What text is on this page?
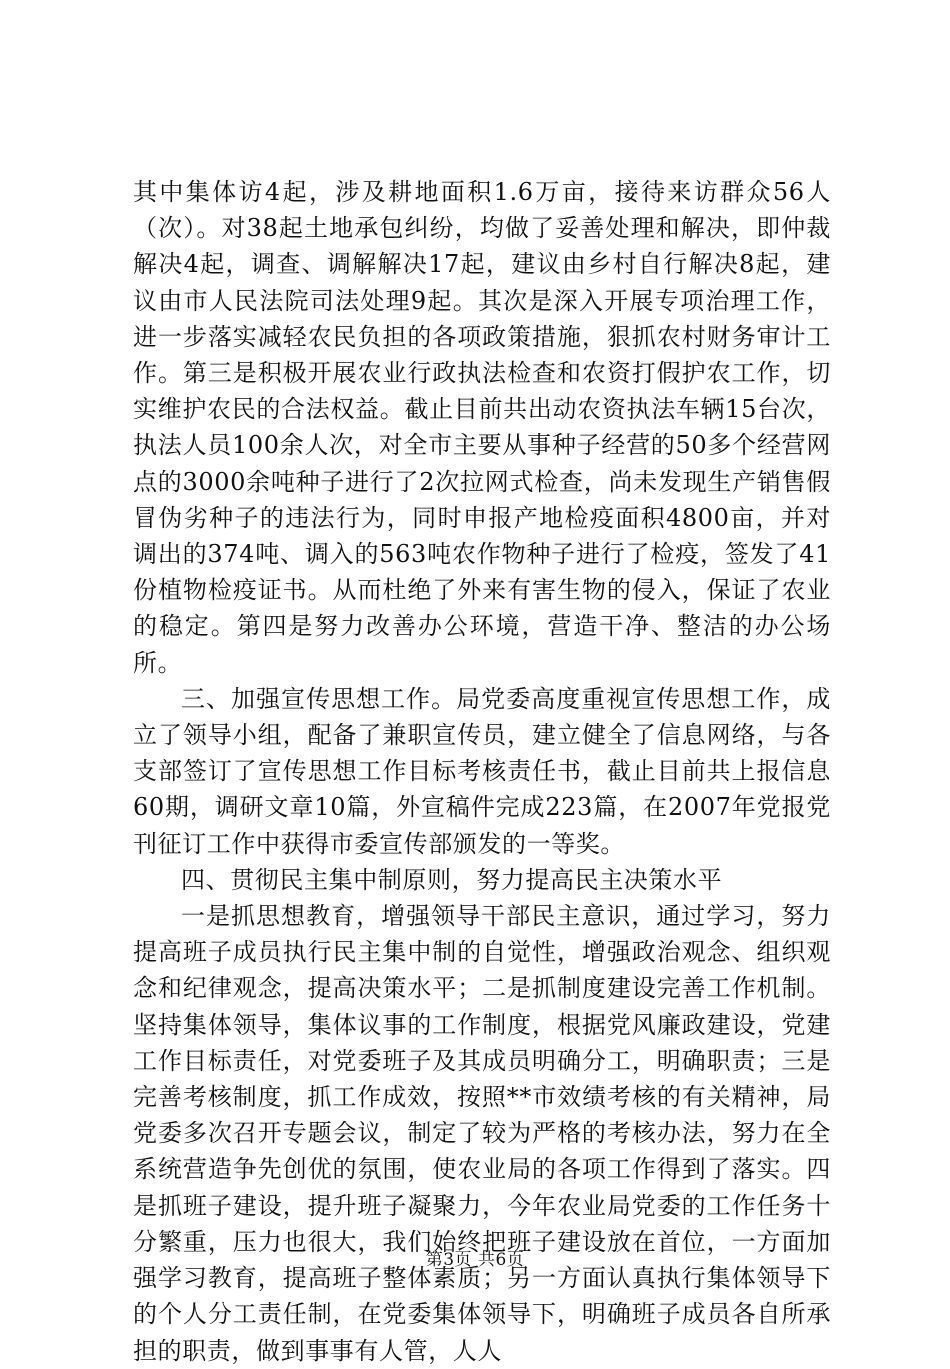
其中集体访4起，涉及耕地面积1.6万亩，接待来访群众56人（次）。对38起土地承包纠纷，均做了妥善处理和解决，即仲裁解决4起，调查、调解解决17起，建议由乡村自行解决8起，建议由市人民法院司法处理9起。其次是深入开展专项治理工作，进一步落实减轻农民负担的各项政策措施，狠抓农村财务审计工作。第三是积极开展农业行政执法检查和农资打假护农工作，切实维护农民的合法权益。截止目前共出动农资执法车辆15台次，执法人员100余人次，对全市主要从事种子经营的50多个经营网点的3000余吨种子进行了2次拉网式检查，尚未发现生产销售假冒伪劣种子的违法行为，同时申报产地检疫面积4800亩，并对调出的374吨、调入的563吨农作物种子进行了检疫，签发了41份植物检疫证书。从而杜绝了外来有害生物的侵入，保证了农业的稳定。第四是努力改善办公环境，营造干净、整洁的办公场所。

三、加强宣传思想工作。局党委高度重视宣传思想工作，成立了领导小组，配备了兼职宣传员，建立健全了信息网络，与各支部签订了宣传思想工作目标考核责任书，截止目前共上报信息60期，调研文章10篇，外宣稿件完成223篇，在2007年党报党刊征订工作中获得市委宣传部颁发的一等奖。

四、贯彻民主集中制原则，努力提高民主决策水平

一是抓思想教育，增强领导干部民主意识，通过学习，努力提高班子成员执行民主集中制的自觉性，增强政治观念、组织观念和纪律观念，提高决策水平；二是抓制度建设完善工作机制。坚持集体领导，集体议事的工作制度，根据党风廉政建设，党建工作目标责任，对党委班子及其成员明确分工，明确职责；三是完善考核制度，抓工作成效，按照**市效绩考核的有关精神，局党委多次召开专题会议，制定了较为严格的考核办法，努力在全系统营造争先创优的氛围，使农业局的各项工作得到了落实。四是抓班子建设，提升班子凝聚力，今年农业局党委的工作任务十分繁重，压力也很大，我们始终把班子建设放在首位，一方面加强学习教育，提高班子整体素质；另一方面认真执行集体领导下的个人分工责任制，在党委集体领导下，明确班子成员各自所承担的职责，做到事事有人管，人人

第3页 共6页
